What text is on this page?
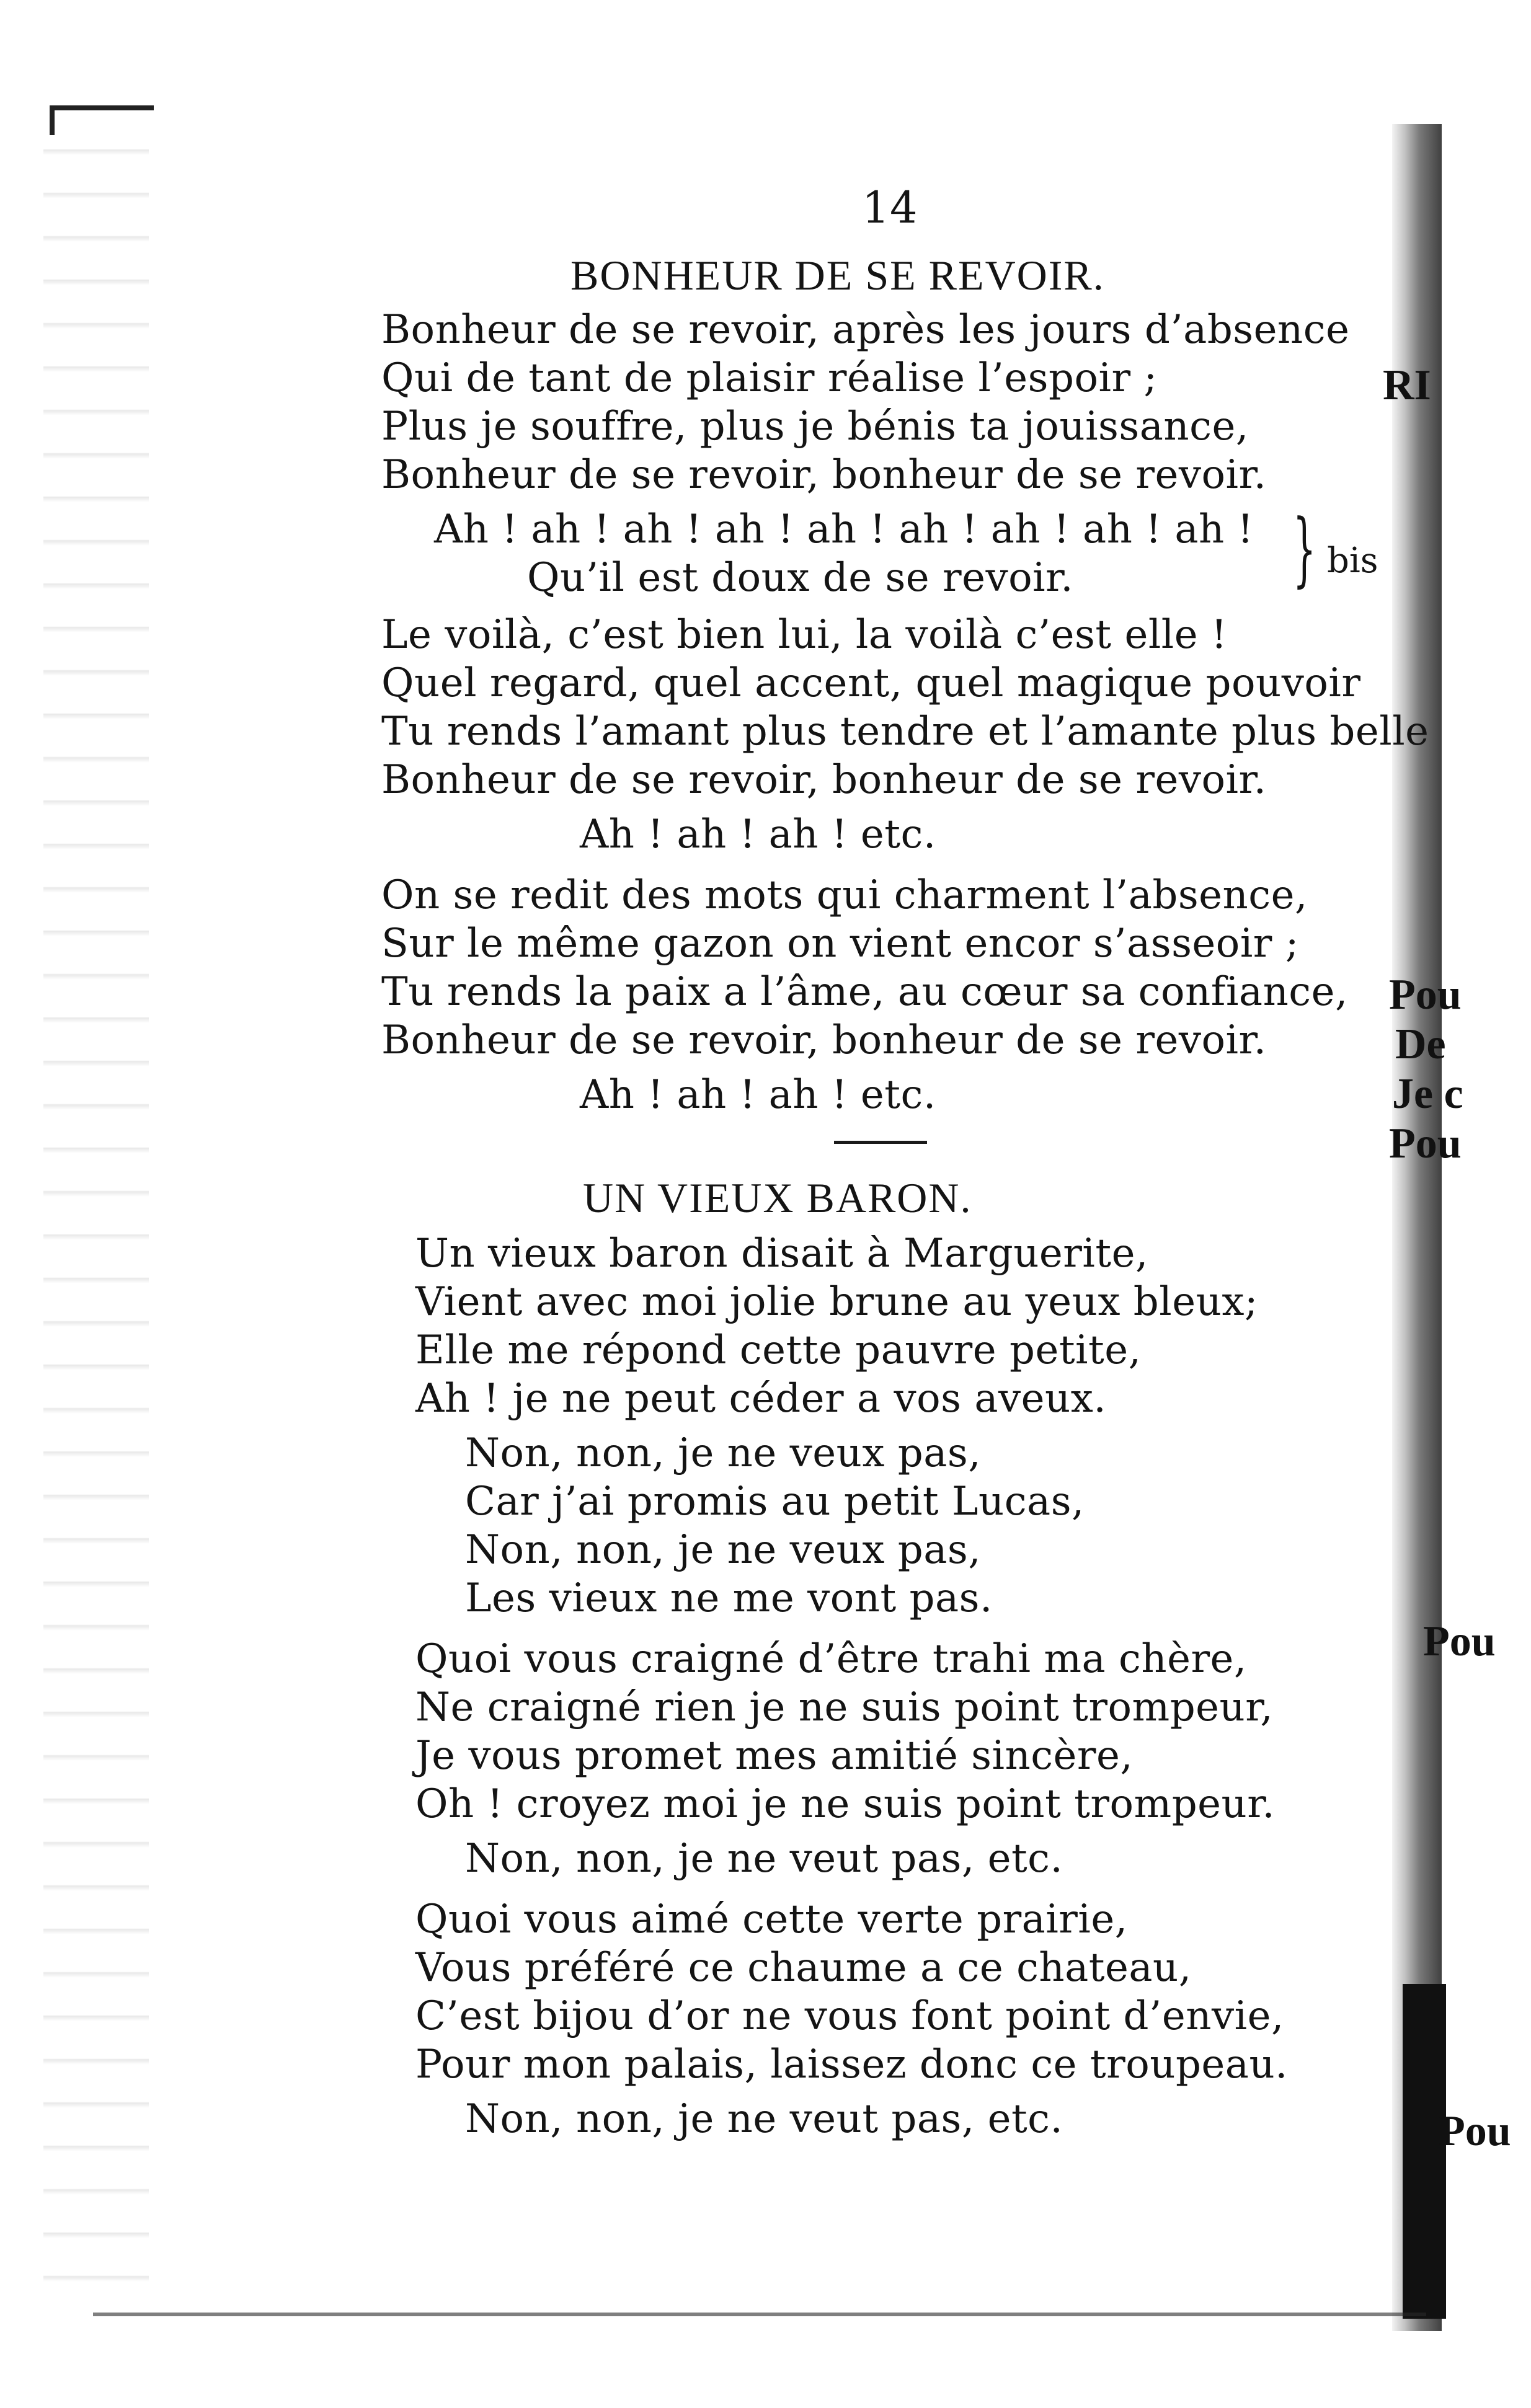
14
BONHEUR DE SE REVOIR.
Bonheur de se revoir, après les jours d’absence
Qui de tant de plaisir réalise l’espoir ;
Plus je souffre, plus je bénis ta jouissance,
Bonheur de se revoir, bonheur de se revoir.
Ah ! ah ! ah ! ah ! ah ! ah ! ah ! ah ! ah !
Qu’il est doux de se revoir.	} bis
Le voilà, c’est bien lui, la voilà c’est elle !
Quel regard, quel accent, quel magique pouvoir
Tu rends l’amant plus tendre et l’amante plus belle
Bonheur de se revoir, bonheur de se revoir.
Ah ! ah ! ah ! etc.
On se redit des mots qui charment l’absence,
Sur le même gazon on vient encor s’asseoir ;
Tu rends la paix a l’âme, au cœur sa confiance,
Bonheur de se revoir, bonheur de se revoir.
Ah ! ah ! ah ! etc.
UN VIEUX BARON.
Un vieux baron disait à Marguerite,
Vient avec moi jolie brune au yeux bleux;
Elle me répond cette pauvre petite,
Ah ! je ne peut céder a vos aveux.
Non, non, je ne veux pas,
Car j’ai promis au petit Lucas,
Non, non, je ne veux pas,
Les vieux ne me vont pas.
Quoi vous craigné d’être trahi ma chère,
Ne craigné rien je ne suis point trompeur,
Je vous promet mes amitié sincère,
Oh ! croyez moi je ne suis point trompeur.
Non, non, je ne veut pas, etc.
Quoi vous aimé cette verte prairie,
Vous préféré ce chaume a ce chateau,
C’est bijou d’or ne vous font point d’envie,
Pour mon palais, laissez donc ce troupeau.
Non, non, je ne veut pas, etc.
RI
Pou
De
Je c
Pou
Pou
Pou
